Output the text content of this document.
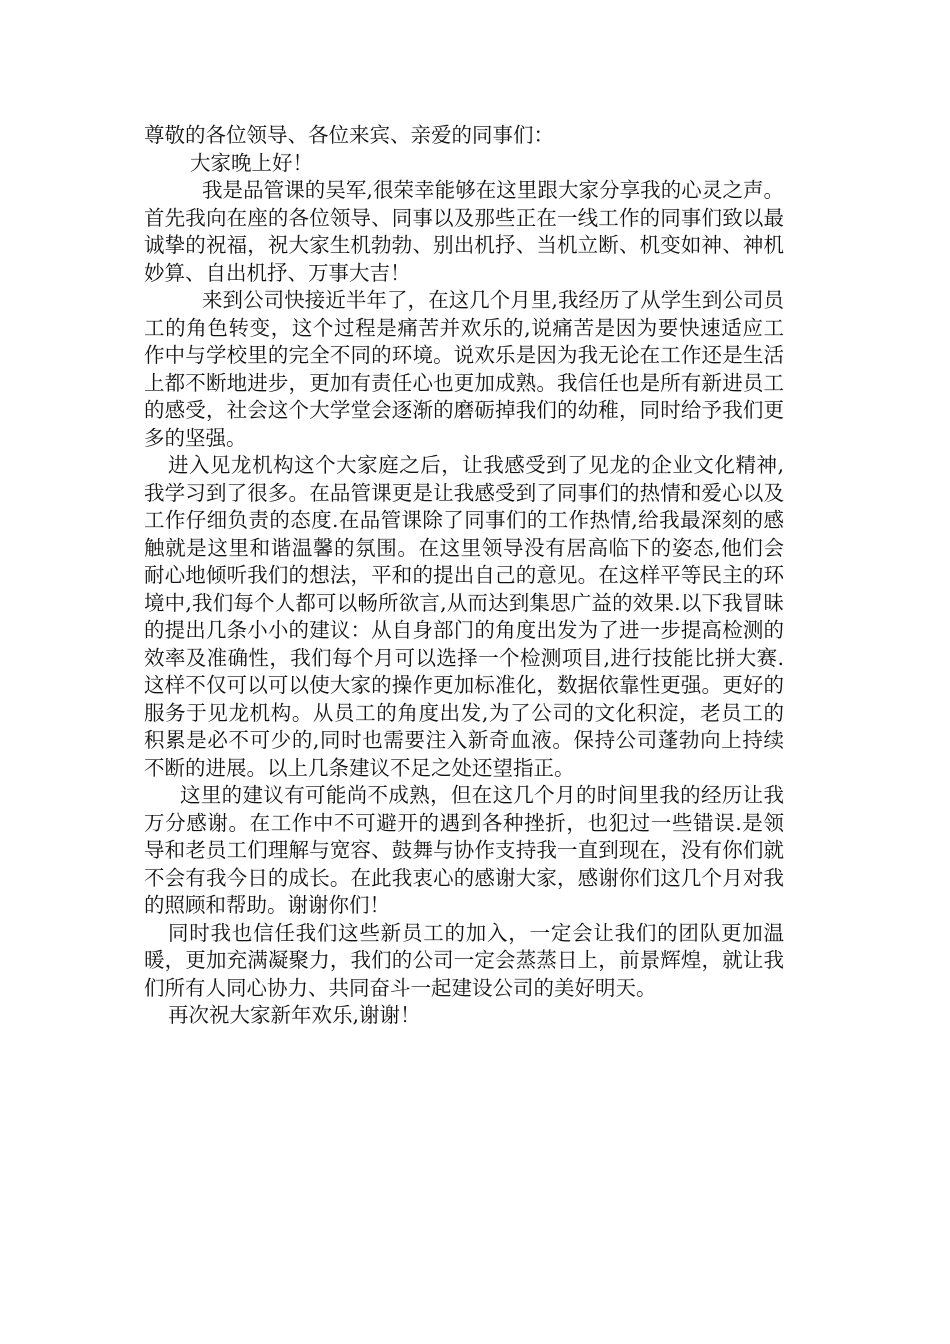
尊敬的各位领导、各位来宾、亲爱的同事们：

大家晚上好！

我是品管课的吴军,很荣幸能够在这里跟大家分享我的心灵之声。首先我向在座的各位领导、同事以及那些正在一线工作的同事们致以最诚挚的祝福，祝大家生机勃勃、别出机抒、当机立断、机变如神、神机妙算、自出机抒、万事大吉！

来到公司快接近半年了，在这几个月里,我经历了从学生到公司员工的角色转变，这个过程是痛苦并欢乐的,说痛苦是因为要快速适应工作中与学校里的完全不同的环境。说欢乐是因为我无论在工作还是生活上都不断地进步，更加有责任心也更加成熟。我信任也是所有新进员工的感受，社会这个大学堂会逐渐的磨砺掉我们的幼稚，同时给予我们更多的坚强。

进入见龙机构这个大家庭之后，让我感受到了见龙的企业文化精神,我学习到了很多。在品管课更是让我感受到了同事们的热情和爱心以及工作仔细负责的态度.在品管课除了同事们的工作热情,给我最深刻的感触就是这里和谐温馨的氛围。在这里领导没有居高临下的姿态,他们会耐心地倾听我们的想法，平和的提出自己的意见。在这样平等民主的环境中,我们每个人都可以畅所欲言,从而达到集思广益的效果.以下我冒昧的提出几条小小的建议：从自身部门的角度出发为了进一步提高检测的效率及准确性，我们每个月可以选择一个检测项目,进行技能比拼大赛.这样不仅可以可以使大家的操作更加标准化，数据依靠性更强。更好的服务于见龙机构。从员工的角度出发,为了公司的文化积淀，老员工的积累是必不可少的,同时也需要注入新奇血液。保持公司蓬勃向上持续不断的进展。以上几条建议不足之处还望指正。

这里的建议有可能尚不成熟，但在这几个月的时间里我的经历让我万分感谢。在工作中不可避开的遇到各种挫折，也犯过一些错误.是领导和老员工们理解与宽容、鼓舞与协作支持我一直到现在，没有你们就不会有我今日的成长。在此我衷心的感谢大家，感谢你们这几个月对我的照顾和帮助。谢谢你们！

同时我也信任我们这些新员工的加入，一定会让我们的团队更加温暖，更加充满凝聚力，我们的公司一定会蒸蒸日上，前景辉煌，就让我们所有人同心协力、共同奋斗一起建设公司的美好明天。

再次祝大家新年欢乐,谢谢！
